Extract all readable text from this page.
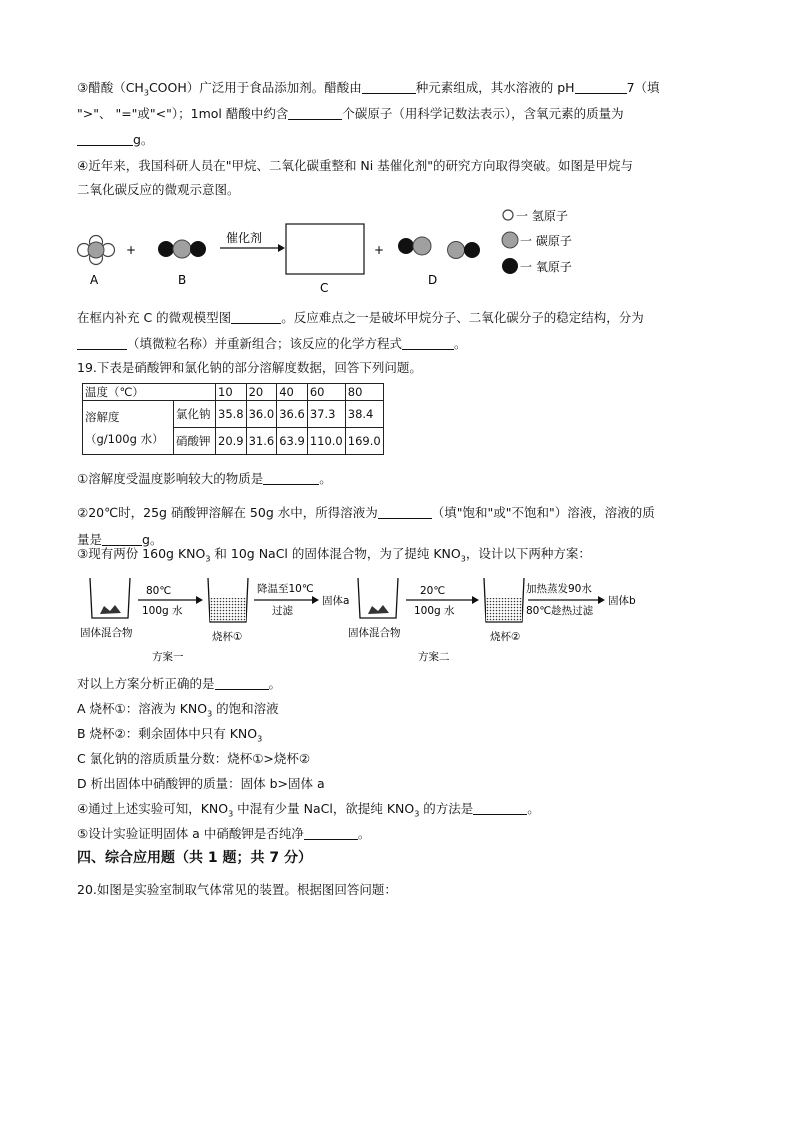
③醋酸$(CH_3COOH)$广泛用于食品添加剂。醋酸由	种元素组成，其水溶液的 pH	7（填
">"、 "="或"<"）；1mol 醋酸中约含	个碳原子（用科学记数法表示），含氧元素的质量为
g。
④近年来，我国科研人员在"甲烷、二氧化碳重整和 Ni 基催化剂"的研究方向取得突破。如图是甲烷与
二氧化碳反应的微观示意图。
A
+
B
催化剂
C
+
D
一 氢原子
一 碳原子
一 氧原子
在框内补充 C 的微观模型图	。反应难点之一是破坏甲烷分子、二氧化碳分子的稳定结构，分为
（填微粒名称）并重新组合；该反应的化学方程式	。
19.下表是硝酸钾和氯化钠的部分溶解度数据，回答下列问题。
温度（℃）		10	20	40	60	80
溶解度
（g/100g 水）	氯化钠	35.8	36.0	36.6	37.3	38.4
	硝酸钾	20.9	31.6	63.9	110.0	169.0
①溶解度受温度影响较大的物质是	。
②20℃时，25g 硝酸钾溶解在 50g 水中，所得溶液为	（填"饱和"或"不饱和"）溶液，溶液的质
量是	g。
③现有两份 160g $KNO_3$ 和 10g NaCl 的固体混合物，为了提纯 $KNO_3$，设计以下两种方案：
固体混合物
80℃
100g 水
烧杯①
降温至10℃
过滤
固体a
方案一
固体混合物
20℃
100g 水
烧杯②
加热蒸发90水
80℃趁热过滤
固体b
方案二
对以上方案分析正确的是	。
A 烧杯①：溶液为 $KNO_3$ 的饱和溶液
B 烧杯②：剩余固体中只有 $KNO_3$
C 氯化钠的溶质质量分数：烧杯①>烧杯②
D 析出固体中硝酸钾的质量：固体 b>固体 a
④通过上述实验可知，$KNO_3$ 中混有少量 NaCl，欲提纯 $KNO_3$ 的方法是	。
⑤设计实验证明固体 a 中硝酸钾是否纯净	。
四、综合应用题（共 1 题；共 7 分）
20.如图是实验室制取气体常见的装置。根据图回答问题：
